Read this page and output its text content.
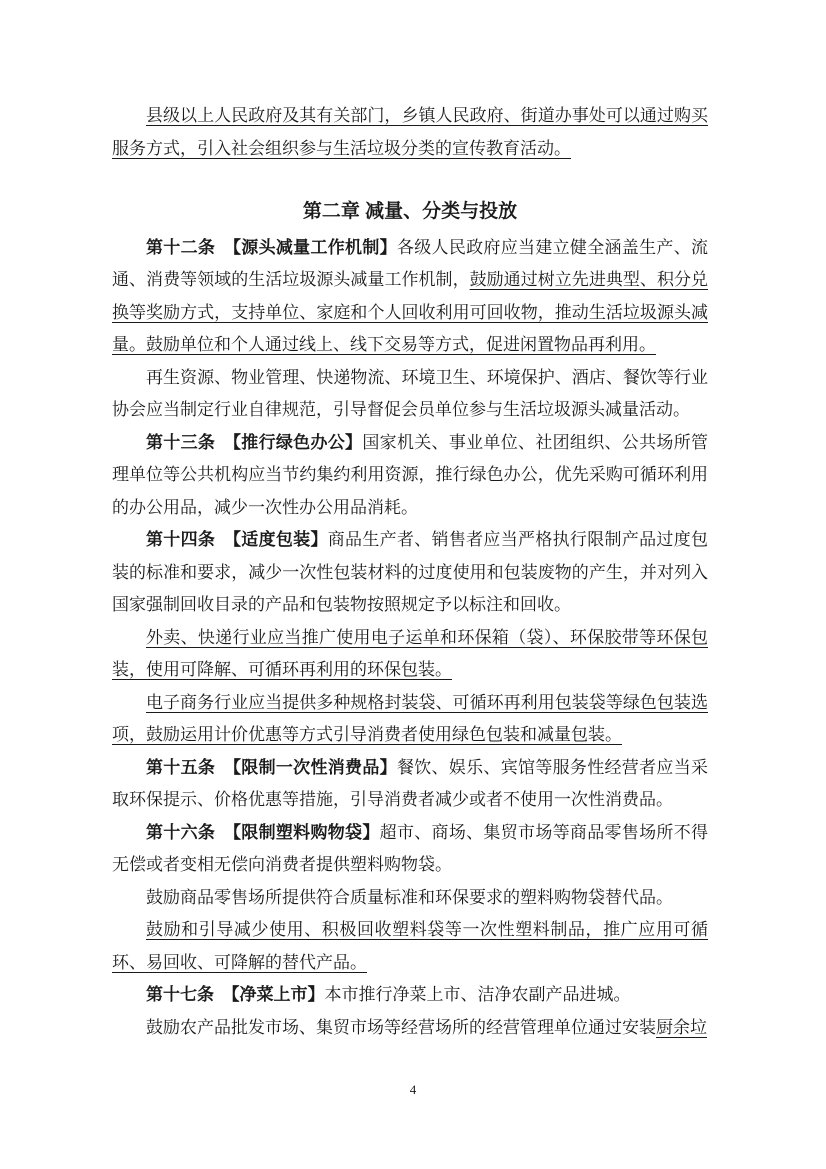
县级以上人民政府及其有关部门，乡镇人民政府、街道办事处可以通过购买服务方式，引入社会组织参与生活垃圾分类的宣传教育活动。

第二章 减量、分类与投放

第十二条　【源头减量工作机制】各级人民政府应当建立健全涵盖生产、流通、消费等领域的生活垃圾源头减量工作机制，鼓励通过树立先进典型、积分兑换等奖励方式，支持单位、家庭和个人回收利用可回收物，推动生活垃圾源头减量。鼓励单位和个人通过线上、线下交易等方式，促进闲置物品再利用。

再生资源、物业管理、快递物流、环境卫生、环境保护、酒店、餐饮等行业协会应当制定行业自律规范，引导督促会员单位参与生活垃圾源头减量活动。

第十三条　【推行绿色办公】国家机关、事业单位、社团组织、公共场所管理单位等公共机构应当节约集约利用资源，推行绿色办公，优先采购可循环利用的办公用品，减少一次性办公用品消耗。

第十四条　【适度包装】商品生产者、销售者应当严格执行限制产品过度包装的标准和要求，减少一次性包装材料的过度使用和包装废物的产生，并对列入国家强制回收目录的产品和包装物按照规定予以标注和回收。

外卖、快递行业应当推广使用电子运单和环保箱（袋）、环保胶带等环保包装，使用可降解、可循环再利用的环保包装。

电子商务行业应当提供多种规格封装袋、可循环再利用包装袋等绿色包装选项，鼓励运用计价优惠等方式引导消费者使用绿色包装和减量包装。

第十五条　【限制一次性消费品】餐饮、娱乐、宾馆等服务性经营者应当采取环保提示、价格优惠等措施，引导消费者减少或者不使用一次性消费品。

第十六条　【限制塑料购物袋】超市、商场、集贸市场等商品零售场所不得无偿或者变相无偿向消费者提供塑料购物袋。

鼓励商品零售场所提供符合质量标准和环保要求的塑料购物袋替代品。

鼓励和引导减少使用、积极回收塑料袋等一次性塑料制品，推广应用可循环、易回收、可降解的替代产品。

第十七条　【净菜上市】本市推行净菜上市、洁净农副产品进城。

鼓励农产品批发市场、集贸市场等经营场所的经营管理单位通过安装厨余垃

4
